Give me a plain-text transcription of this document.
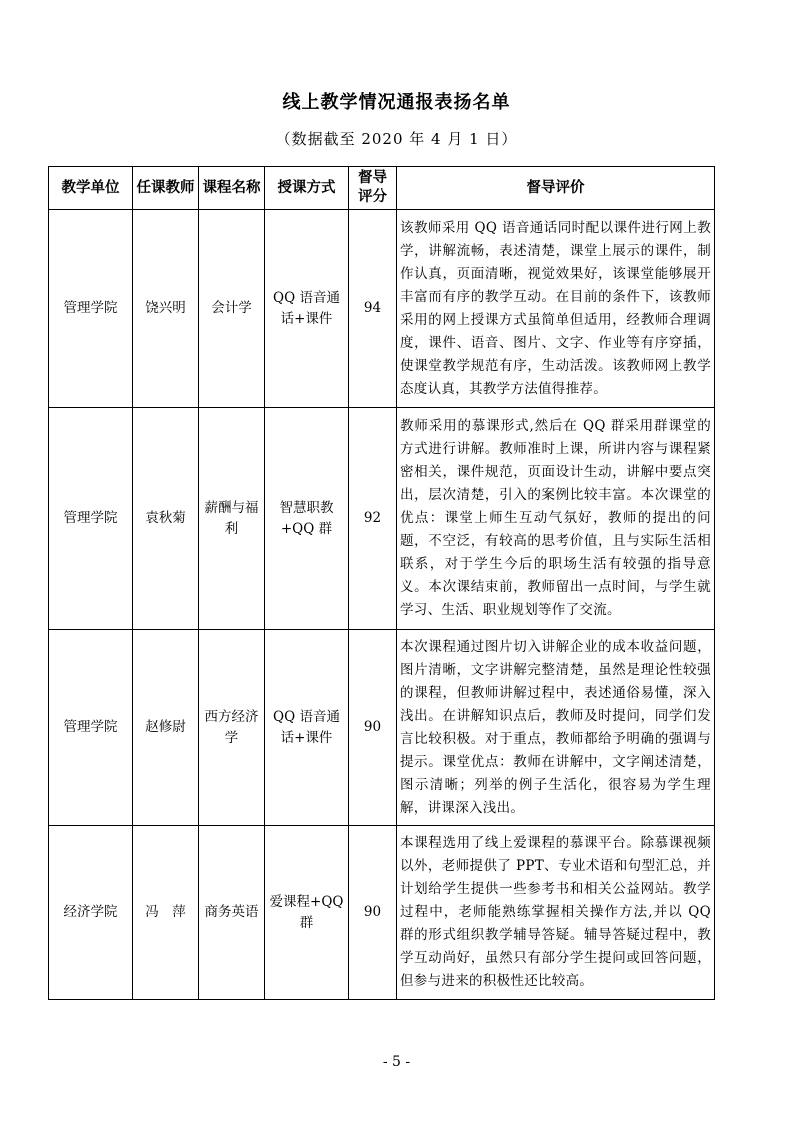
线上教学情况通报表扬名单
（数据截至 2020 年 4 月 1 日）
教学单位	任课教师	课程名称	授课方式	督导评分	督导评价
管理学院	饶兴明	会计学	QQ 语音通话+课件	94	该教师采用 QQ 语音通话同时配以课件进行网上教学，讲解流畅，表述清楚，课堂上展示的课件，制作认真，页面清晰，视觉效果好，该课堂能够展开丰富而有序的教学互动。在目前的条件下，该教师采用的网上授课方式虽简单但适用，经教师合理调度，课件、语音、图片、文字、作业等有序穿插，使课堂教学规范有序，生动活泼。该教师网上教学态度认真，其教学方法值得推荐。
管理学院	袁秋菊	薪酬与福利	智慧职教+QQ 群	92	教师采用的慕课形式,然后在 QQ 群采用群课堂的方式进行讲解。教师准时上课，所讲内容与课程紧密相关，课件规范，页面设计生动，讲解中要点突出，层次清楚，引入的案例比较丰富。本次课堂的优点：课堂上师生互动气氛好，教师的提出的问题，不空泛，有较高的思考价值，且与实际生活相联系，对于学生今后的职场生活有较强的指导意义。本次课结束前，教师留出一点时间，与学生就学习、生活、职业规划等作了交流。
管理学院	赵修尉	西方经济学	QQ 语音通话+课件	90	本次课程通过图片切入讲解企业的成本收益问题，图片清晰，文字讲解完整清楚，虽然是理论性较强的课程，但教师讲解过程中，表述通俗易懂，深入浅出。在讲解知识点后，教师及时提问，同学们发言比较积极。对于重点，教师都给予明确的强调与提示。课堂优点：教师在讲解中，文字阐述清楚，图示清晰；列举的例子生活化，很容易为学生理解，讲课深入浅出。
经济学院	冯　萍	商务英语	爱课程+QQ 群	90	本课程选用了线上爱课程的慕课平台。除慕课视频以外，老师提供了 PPT、专业术语和句型汇总，并计划给学生提供一些参考书和相关公益网站。教学过程中，老师能熟练掌握相关操作方法,并以 QQ 群的形式组织教学辅导答疑。辅导答疑过程中，教学互动尚好，虽然只有部分学生提问或回答问题，但参与进来的积极性还比较高。
- 5 -
